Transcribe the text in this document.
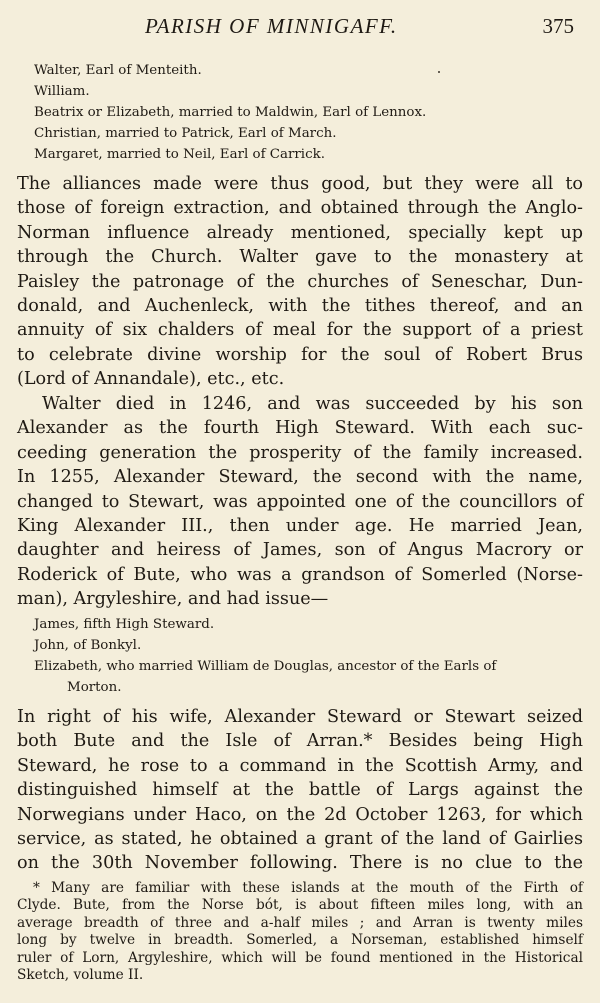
PARISH OF MINNIGAFF.	375
Walter, Earl of Menteith.
William.
Beatrix or Elizabeth, married to Maldwin, Earl of Lennox.
Christian, married to Patrick, Earl of March.
Margaret, married to Neil, Earl of Carrick.
The alliances made were thus good, but they were all to
those of foreign extraction, and obtained through the Anglo-
Norman influence already mentioned, specially kept up
through the Church. Walter gave to the monastery at
Paisley the patronage of the churches of Seneschar, Dun-
donald, and Auchenleck, with the tithes thereof, and an
annuity of six chalders of meal for the support of a priest
to celebrate divine worship for the soul of Robert Brus
(Lord of Annandale), etc., etc.
Walter died in 1246, and was succeeded by his son
Alexander as the fourth High Steward. With each suc-
ceeding generation the prosperity of the family increased.
In 1255, Alexander Steward, the second with the name,
changed to Stewart, was appointed one of the councillors of
King Alexander III., then under age. He married Jean,
daughter and heiress of James, son of Angus Macrory or
Roderick of Bute, who was a grandson of Somerled (Norse-
man), Argyleshire, and had issue—
James, fifth High Steward.
John, of Bonkyl.
Elizabeth, who married William de Douglas, ancestor of the Earls of
Morton.
In right of his wife, Alexander Steward or Stewart seized
both Bute and the Isle of Arran.* Besides being High
Steward, he rose to a command in the Scottish Army, and
distinguished himself at the battle of Largs against the
Norwegians under Haco, on the 2d October 1263, for which
service, as stated, he obtained a grant of the land of Gairlies
on the 30th November following. There is no clue to the
* Many are familiar with these islands at the mouth of the Firth of
Clyde. Bute, from the Norse bót, is about fifteen miles long, with an
average breadth of three and a-half miles ; and Arran is twenty miles
long by twelve in breadth. Somerled, a Norseman, established himself
ruler of Lorn, Argyleshire, which will be found mentioned in the Historical
Sketch, volume II.
